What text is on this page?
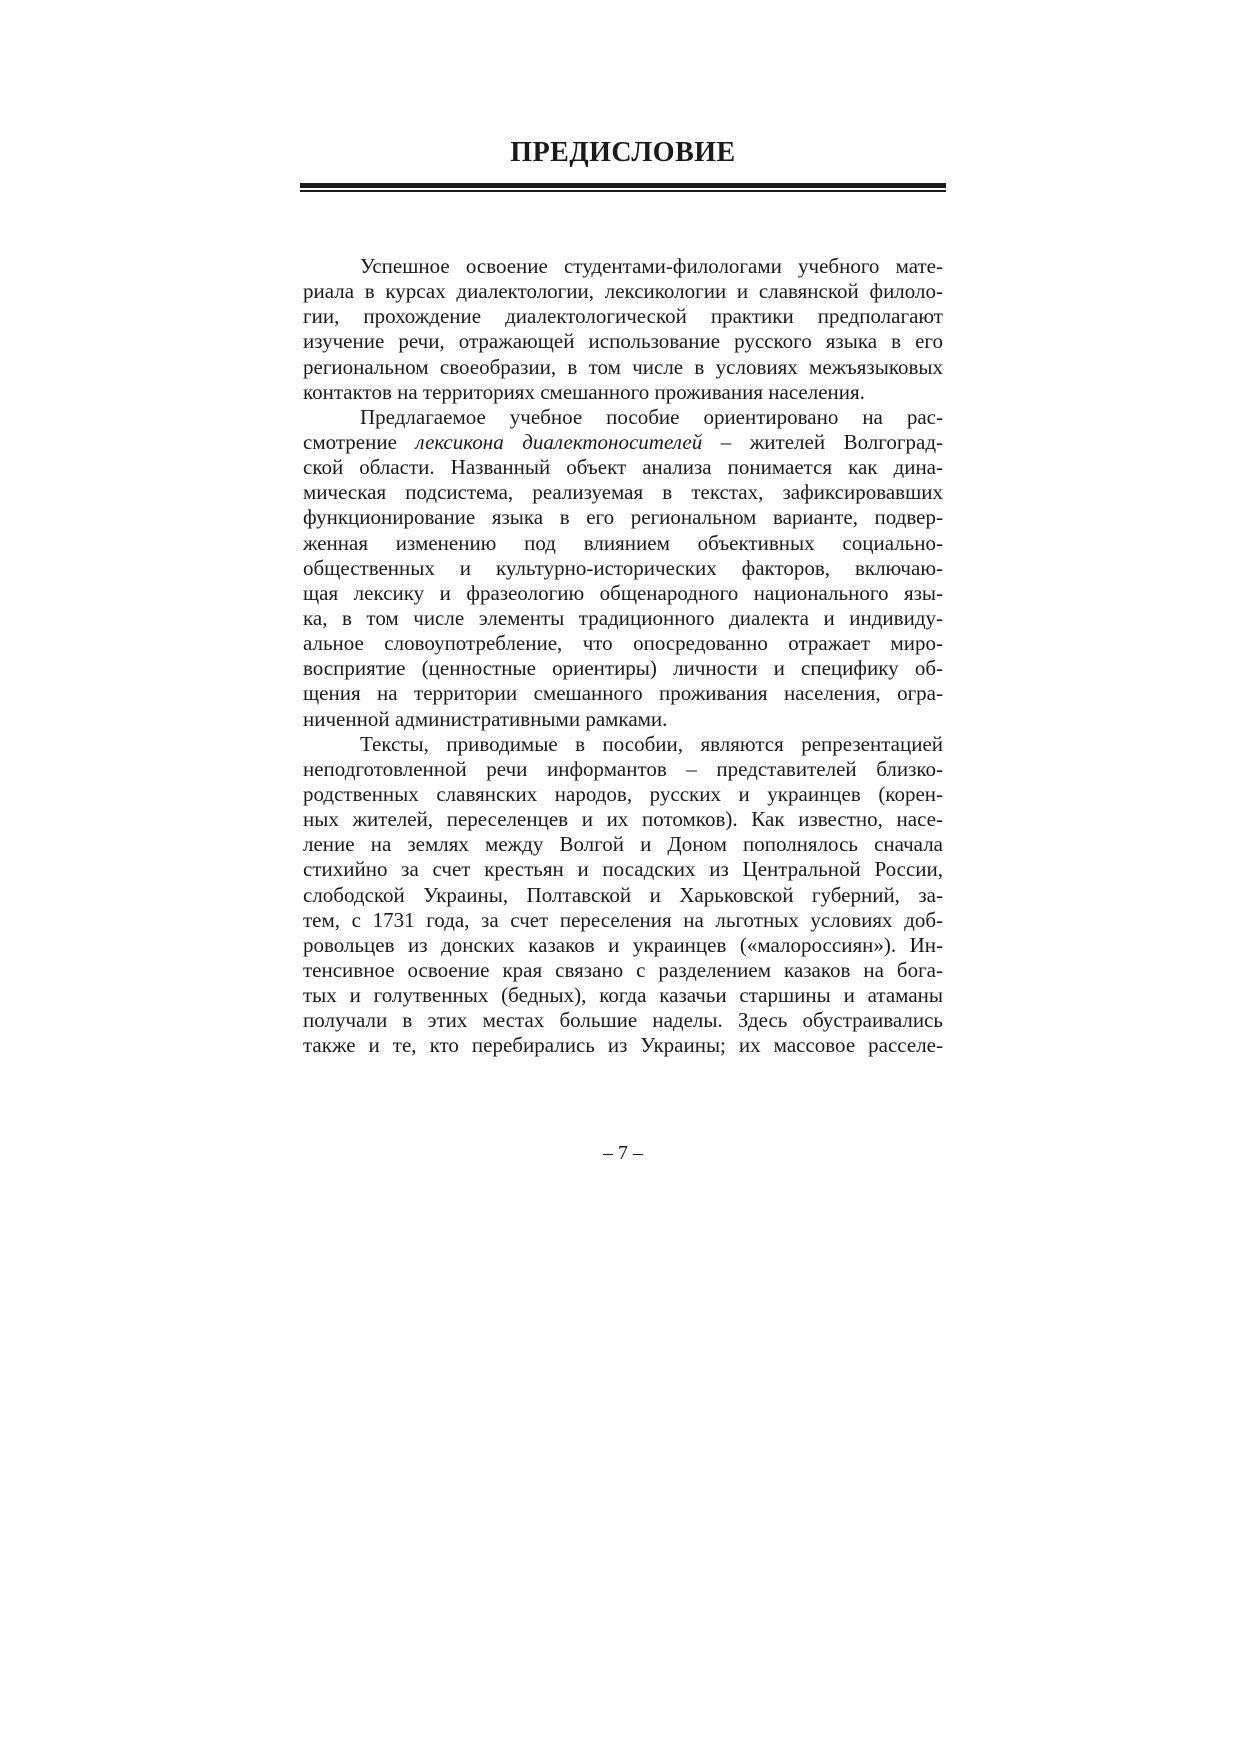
ПРЕДИСЛОВИЕ
Успешное освоение студентами-филологами учебного мате-
риала в курсах диалектологии, лексикологии и славянской филоло-
гии, прохождение диалектологической практики предполагают
изучение речи, отражающей использование русского языка в его
региональном своеобразии, в том числе в условиях межъязыковых
контактов на территориях смешанного проживания населения.
Предлагаемое учебное пособие ориентировано на рас-
смотрение лексикона диалектоносителей – жителей Волгоград-
ской области. Названный объект анализа понимается как дина-
мическая подсистема, реализуемая в текстах, зафиксировавших
функционирование языка в его региональном варианте, подвер-
женная изменению под влиянием объективных социально-
общественных и культурно-исторических факторов, включаю-
щая лексику и фразеологию общенародного национального язы-
ка, в том числе элементы традиционного диалекта и индивиду-
альное словоупотребление, что опосредованно отражает миро-
восприятие (ценностные ориентиры) личности и специфику об-
щения на территории смешанного проживания населения, огра-
ниченной административными рамками.
Тексты, приводимые в пособии, являются репрезентацией
неподготовленной речи информантов – представителей близко-
родственных славянских народов, русских и украинцев (корен-
ных жителей, переселенцев и их потомков). Как известно, насе-
ление на землях между Волгой и Доном пополнялось сначала
стихийно за счет крестьян и посадских из Центральной России,
слободской Украины, Полтавской и Харьковской губерний, за-
тем, с 1731 года, за счет переселения на льготных условиях доб-
ровольцев из донских казаков и украинцев («малороссиян»). Ин-
тенсивное освоение края связано с разделением казаков на бога-
тых и голутвенных (бедных), когда казачьи старшины и атаманы
получали в этих местах большие наделы. Здесь обустраивались
также и те, кто перебирались из Украины; их массовое расселе-
– 7 –
